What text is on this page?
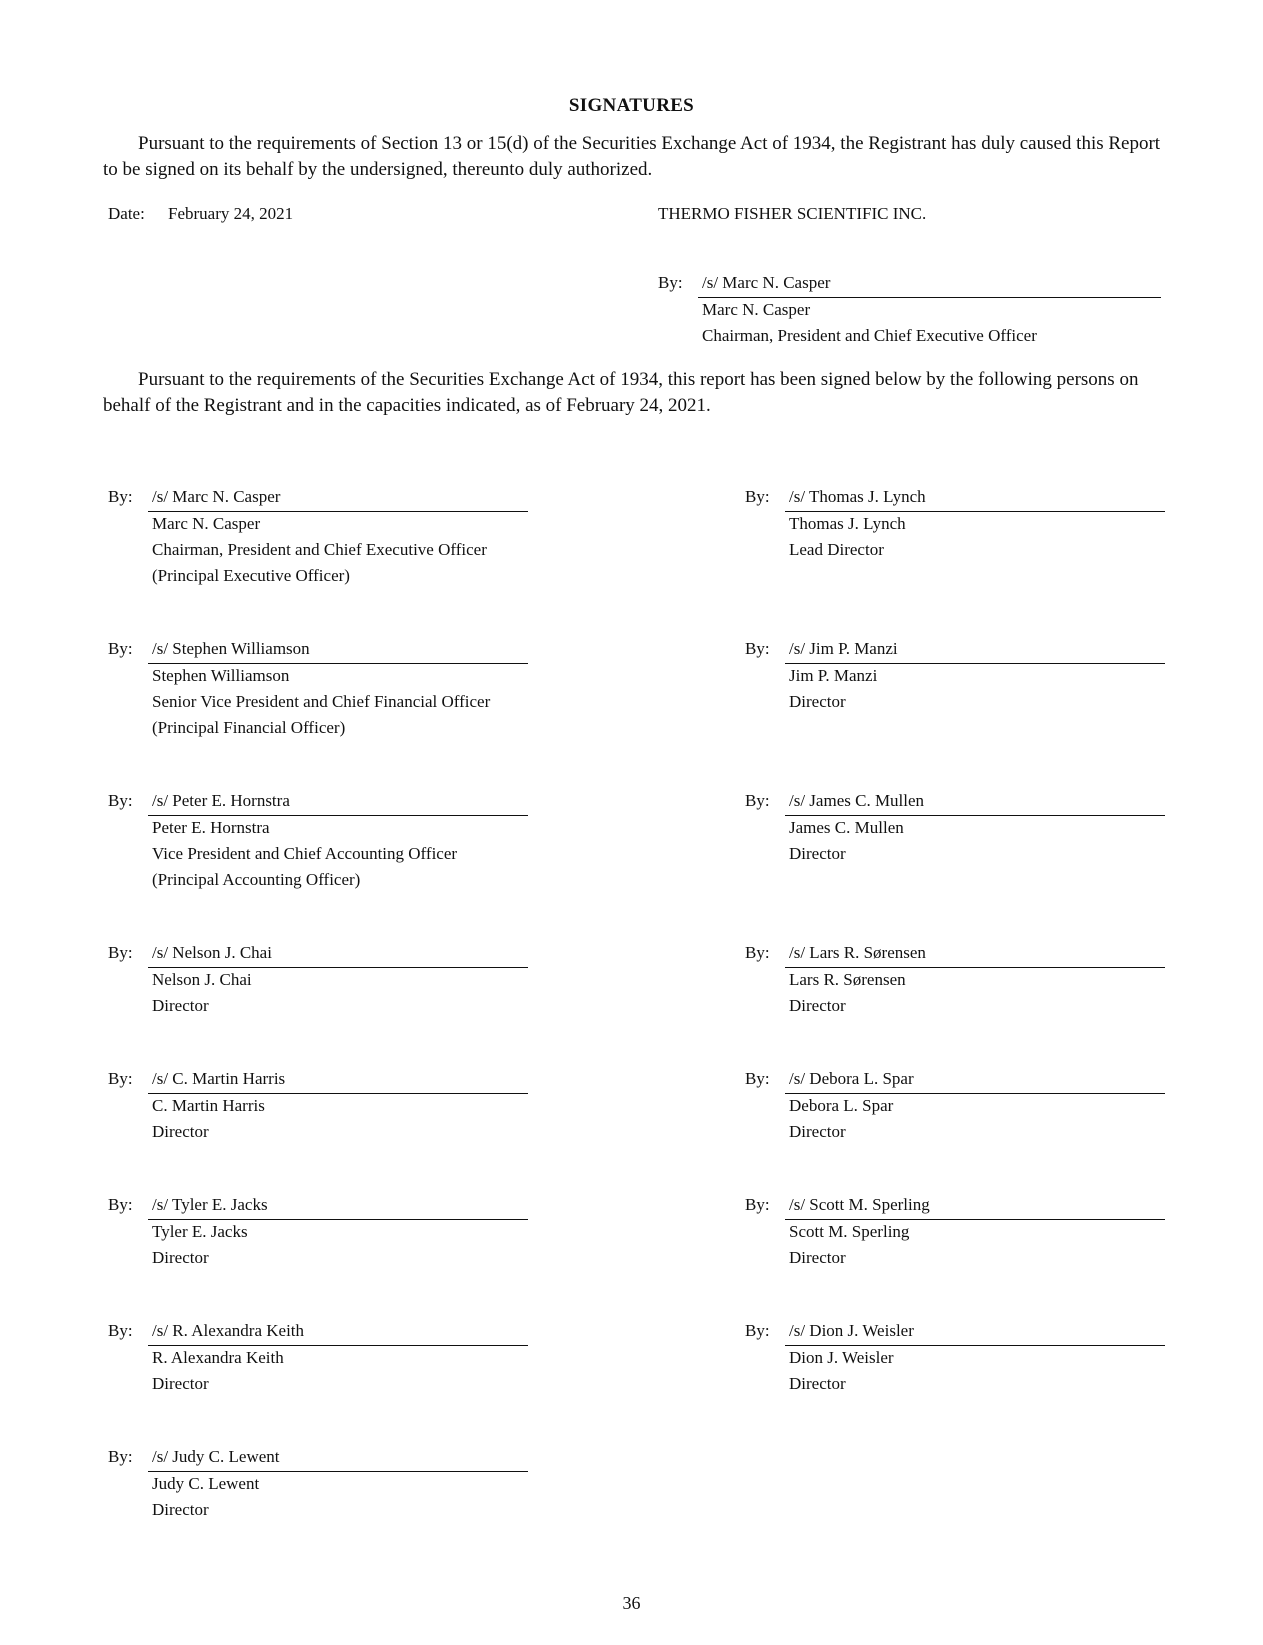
SIGNATURES
Pursuant to the requirements of Section 13 or 15(d) of the Securities Exchange Act of 1934, the Registrant has duly caused this Report to be signed on its behalf by the undersigned, thereunto duly authorized.
Date: February 24, 2021	THERMO FISHER SCIENTIFIC INC.
By: /s/ Marc N. Casper
Marc N. Casper
Chairman, President and Chief Executive Officer
Pursuant to the requirements of the Securities Exchange Act of 1934, this report has been signed below by the following persons on behalf of the Registrant and in the capacities indicated, as of February 24, 2021.
By: /s/ Marc N. Casper
Marc N. Casper
Chairman, President and Chief Executive Officer
(Principal Executive Officer)
By: /s/ Thomas J. Lynch
Thomas J. Lynch
Lead Director
By: /s/ Stephen Williamson
Stephen Williamson
Senior Vice President and Chief Financial Officer
(Principal Financial Officer)
By: /s/ Jim P. Manzi
Jim P. Manzi
Director
By: /s/ Peter E. Hornstra
Peter E. Hornstra
Vice President and Chief Accounting Officer
(Principal Accounting Officer)
By: /s/ James C. Mullen
James C. Mullen
Director
By: /s/ Nelson J. Chai
Nelson J. Chai
Director
By: /s/ Lars R. Sørensen
Lars R. Sørensen
Director
By: /s/ C. Martin Harris
C. Martin Harris
Director
By: /s/ Debora L. Spar
Debora L. Spar
Director
By: /s/ Tyler E. Jacks
Tyler E. Jacks
Director
By: /s/ Scott M. Sperling
Scott M. Sperling
Director
By: /s/ R. Alexandra Keith
R. Alexandra Keith
Director
By: /s/ Dion J. Weisler
Dion J. Weisler
Director
By: /s/ Judy C. Lewent
Judy C. Lewent
Director
36
